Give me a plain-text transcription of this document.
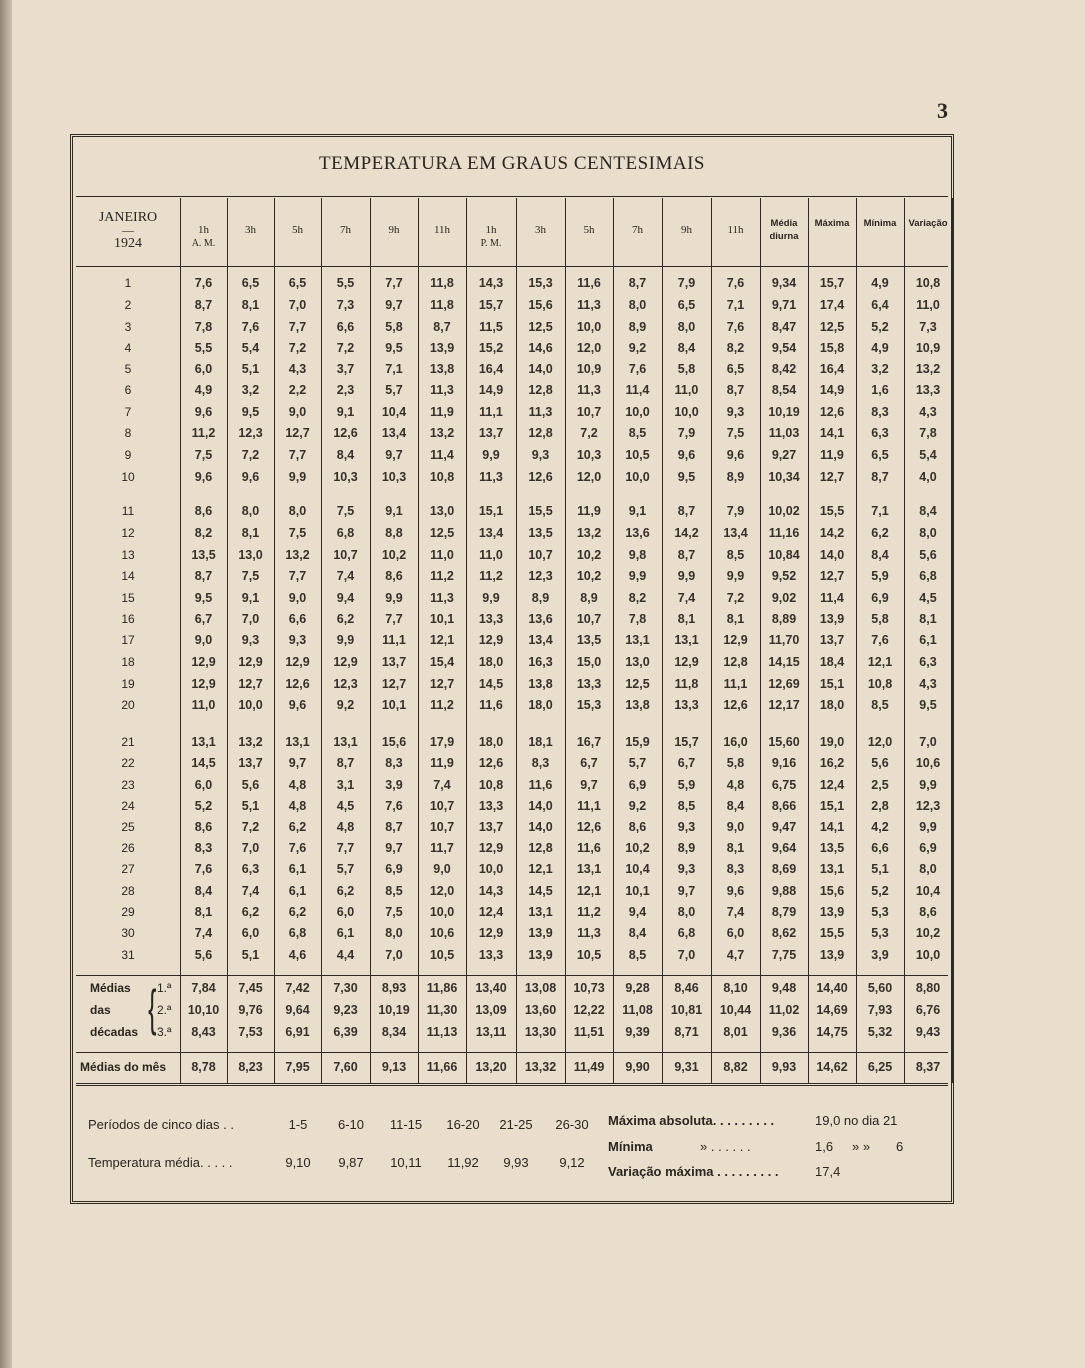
3
TEMPERATURA EM GRAUS CENTESIMAIS
JANEIRO
—
1924
1h
A. M.
3h	5h	7h	9h	11h	1h
P. M.
3h	5h	7h	9h	11h
Média
diurna
Máxima	Mínima	Variação
1	7,6	6,5	6,5	5,5	7,7	11,8	14,3	15,3	11,6	8,7	7,9	7,6	9,34	15,7	4,9	10,8
2	8,7	8,1	7,0	7,3	9,7	11,8	15,7	15,6	11,3	8,0	6,5	7,1	9,71	17,4	6,4	11,0
3	7,8	7,6	7,7	6,6	5,8	8,7	11,5	12,5	10,0	8,9	8,0	7,6	8,47	12,5	5,2	7,3
4	5,5	5,4	7,2	7,2	9,5	13,9	15,2	14,6	12,0	9,2	8,4	8,2	9,54	15,8	4,9	10,9
5	6,0	5,1	4,3	3,7	7,1	13,8	16,4	14,0	10,9	7,6	5,8	6,5	8,42	16,4	3,2	13,2
6	4,9	3,2	2,2	2,3	5,7	11,3	14,9	12,8	11,3	11,4	11,0	8,7	8,54	14,9	1,6	13,3
7	9,6	9,5	9,0	9,1	10,4	11,9	11,1	11,3	10,7	10,0	10,0	9,3	10,19	12,6	8,3	4,3
8	11,2	12,3	12,7	12,6	13,4	13,2	13,7	12,8	7,2	8,5	7,9	7,5	11,03	14,1	6,3	7,8
9	7,5	7,2	7,7	8,4	9,7	11,4	9,9	9,3	10,3	10,5	9,6	9,6	9,27	11,9	6,5	5,4
10	9,6	9,6	9,9	10,3	10,3	10,8	11,3	12,6	12,0	10,0	9,5	8,9	10,34	12,7	8,7	4,0
11	8,6	8,0	8,0	7,5	9,1	13,0	15,1	15,5	11,9	9,1	8,7	7,9	10,02	15,5	7,1	8,4
12	8,2	8,1	7,5	6,8	8,8	12,5	13,4	13,5	13,2	13,6	14,2	13,4	11,16	14,2	6,2	8,0
13	13,5	13,0	13,2	10,7	10,2	11,0	11,0	10,7	10,2	9,8	8,7	8,5	10,84	14,0	8,4	5,6
14	8,7	7,5	7,7	7,4	8,6	11,2	11,2	12,3	10,2	9,9	9,9	9,9	9,52	12,7	5,9	6,8
15	9,5	9,1	9,0	9,4	9,9	11,3	9,9	8,9	8,9	8,2	7,4	7,2	9,02	11,4	6,9	4,5
16	6,7	7,0	6,6	6,2	7,7	10,1	13,3	13,6	10,7	7,8	8,1	8,1	8,89	13,9	5,8	8,1
17	9,0	9,3	9,3	9,9	11,1	12,1	12,9	13,4	13,5	13,1	13,1	12,9	11,70	13,7	7,6	6,1
18	12,9	12,9	12,9	12,9	13,7	15,4	18,0	16,3	15,0	13,0	12,9	12,8	14,15	18,4	12,1	6,3
19	12,9	12,7	12,6	12,3	12,7	12,7	14,5	13,8	13,3	12,5	11,8	11,1	12,69	15,1	10,8	4,3
20	11,0	10,0	9,6	9,2	10,1	11,2	11,6	18,0	15,3	13,8	13,3	12,6	12,17	18,0	8,5	9,5
21	13,1	13,2	13,1	13,1	15,6	17,9	18,0	18,1	16,7	15,9	15,7	16,0	15,60	19,0	12,0	7,0
22	14,5	13,7	9,7	8,7	8,3	11,9	12,6	8,3	6,7	5,7	6,7	5,8	9,16	16,2	5,6	10,6
23	6,0	5,6	4,8	3,1	3,9	7,4	10,8	11,6	9,7	6,9	5,9	4,8	6,75	12,4	2,5	9,9
24	5,2	5,1	4,8	4,5	7,6	10,7	13,3	14,0	11,1	9,2	8,5	8,4	8,66	15,1	2,8	12,3
25	8,6	7,2	6,2	4,8	8,7	10,7	13,7	14,0	12,6	8,6	9,3	9,0	9,47	14,1	4,2	9,9
26	8,3	7,0	7,6	7,7	9,7	11,7	12,9	12,8	11,6	10,2	8,9	8,1	9,64	13,5	6,6	6,9
27	7,6	6,3	6,1	5,7	6,9	9,0	10,0	12,1	13,1	10,4	9,3	8,3	8,69	13,1	5,1	8,0
28	8,4	7,4	6,1	6,2	8,5	12,0	14,3	14,5	12,1	10,1	9,7	9,6	9,88	15,6	5,2	10,4
29	8,1	6,2	6,2	6,0	7,5	10,0	12,4	13,1	11,2	9,4	8,0	7,4	8,79	13,9	5,3	8,6
30	7,4	6,0	6,8	6,1	8,0	10,6	12,9	13,9	11,3	8,4	6,8	6,0	8,62	15,5	5,3	10,2
31	5,6	5,1	4,6	4,4	7,0	10,5	13,3	13,9	10,5	8,5	7,0	4,7	7,75	13,9	3,9	10,0
Médias
das
décadas { 1.ª	7,84	7,45	7,42	7,30	8,93	11,86	13,40	13,08	10,73	9,28	8,46	8,10	9,48	14,40	5,60	8,80
2.ª	10,10	9,76	9,64	9,23	10,19	11,30	13,09	13,60	12,22	11,08	10,81	10,44	11,02	14,69	7,93	6,76
3.ª	8,43	7,53	6,91	6,39	8,34	11,13	13,11	13,30	11,51	9,39	8,71	8,01	9,36	14,75	5,32	9,43
Médias do mês	8,78	8,23	7,95	7,60	9,13	11,66	13,20	13,32	11,49	9,90	9,31	8,82	9,93	14,62	6,25	8,37
Períodos de cinco dias . .	1-5	6-10	11-15 16-20 21-25 26-30
Temperatura média. . . . .	9,10	9,87	10,11	11,92	9,93	9,12
Máxima absoluta. . . . . . . . .	19,0 no dia 21
Mínima	» . . . . . .	1,6 » » 6
Variação máxima . . . . . . . . .	17,4
